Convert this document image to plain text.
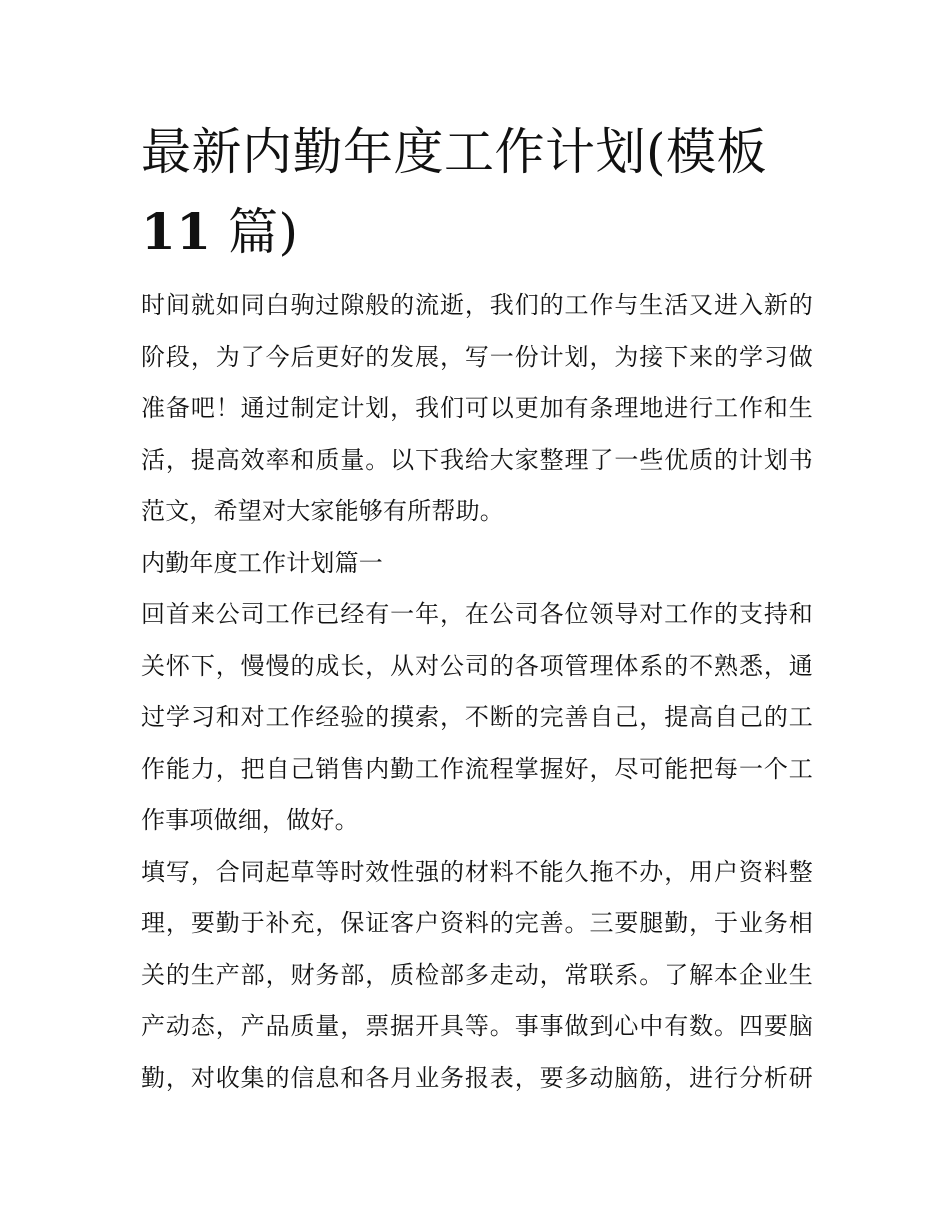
最新内勤年度工作计划(模板
11 篇)
时间就如同白驹过隙般的流逝，我们的工作与生活又进入新的
阶段，为了今后更好的发展，写一份计划，为接下来的学习做
准备吧！通过制定计划，我们可以更加有条理地进行工作和生
活，提高效率和质量。以下我给大家整理了一些优质的计划书
范文，希望对大家能够有所帮助。
内勤年度工作计划篇一
回首来公司工作已经有一年，在公司各位领导对工作的支持和
关怀下，慢慢的成长，从对公司的各项管理体系的不熟悉，通
过学习和对工作经验的摸索，不断的完善自己，提高自己的工
作能力，把自己销售内勤工作流程掌握好，尽可能把每一个工
作事项做细，做好。
填写，合同起草等时效性强的材料不能久拖不办，用户资料整
理，要勤于补充，保证客户资料的完善。三要腿勤，于业务相
关的生产部，财务部，质检部多走动，常联系。了解本企业生
产动态，产品质量，票据开具等。事事做到心中有数。四要脑
勤，对收集的信息和各月业务报表，要多动脑筋，进行分析研
